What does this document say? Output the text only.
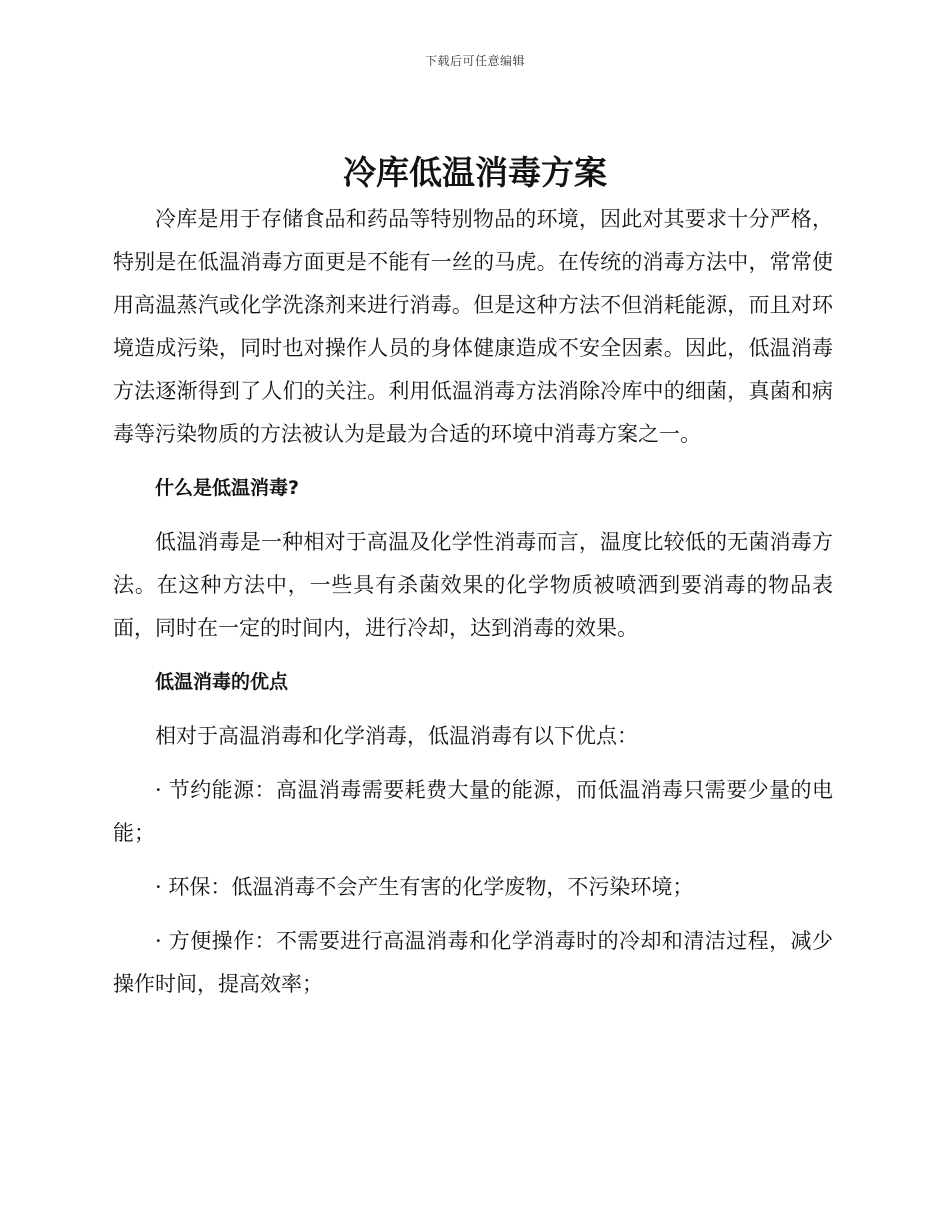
下载后可任意编辑
冷库低温消毒方案

冷库是用于存储食品和药品等特别物品的环境，因此对其要求十分严格，特别是在低温消毒方面更是不能有一丝的马虎。在传统的消毒方法中，常常使用高温蒸汽或化学洗涤剂来进行消毒。但是这种方法不但消耗能源，而且对环境造成污染，同时也对操作人员的身体健康造成不安全因素。因此，低温消毒方法逐渐得到了人们的关注。利用低温消毒方法消除冷库中的细菌，真菌和病毒等污染物质的方法被认为是最为合适的环境中消毒方案之一。

什么是低温消毒?

低温消毒是一种相对于高温及化学性消毒而言，温度比较低的无菌消毒方法。在这种方法中，一些具有杀菌效果的化学物质被喷洒到要消毒的物品表面，同时在一定的时间内，进行冷却，达到消毒的效果。

低温消毒的优点

相对于高温消毒和化学消毒，低温消毒有以下优点：

· 节约能源：高温消毒需要耗费大量的能源，而低温消毒只需要少量的电能；

· 环保：低温消毒不会产生有害的化学废物，不污染环境；

· 方便操作：不需要进行高温消毒和化学消毒时的冷却和清洁过程，减少操作时间，提高效率；
